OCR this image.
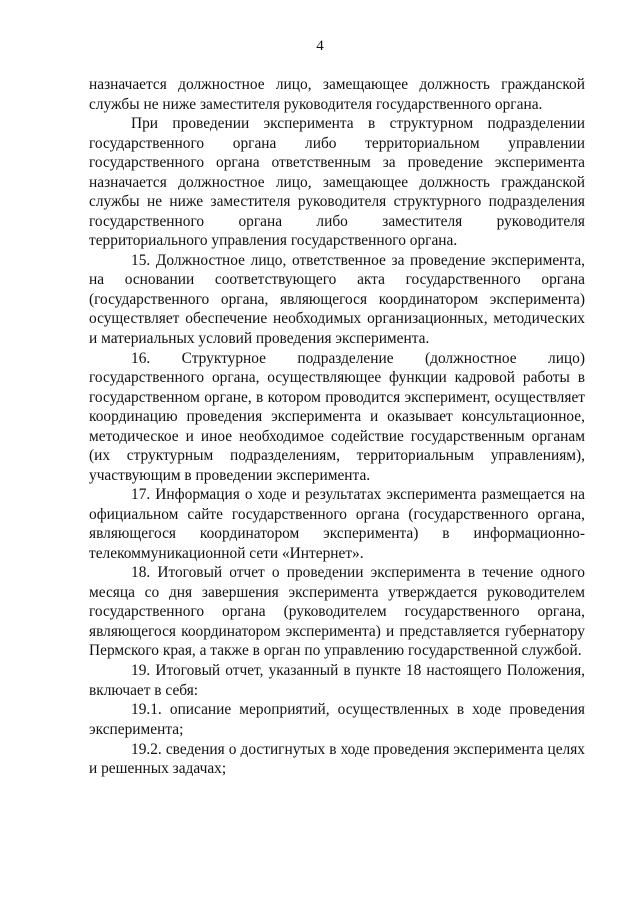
4

назначается должностное лицо, замещающее должность гражданской службы не ниже заместителя руководителя государственного органа.

При проведении эксперимента в структурном подразделении государственного органа либо территориальном управлении государственного органа ответственным за проведение эксперимента назначается должностное лицо, замещающее должность гражданской службы не ниже заместителя руководителя структурного подразделения государственного органа либо заместителя руководителя территориального управления государственного органа.

15. Должностное лицо, ответственное за проведение эксперимента, на основании соответствующего акта государственного органа (государственного органа, являющегося координатором эксперимента) осуществляет обеспечение необходимых организационных, методических и материальных условий проведения эксперимента.

16. Структурное подразделение (должностное лицо) государственного органа, осуществляющее функции кадровой работы в государственном органе, в котором проводится эксперимент, осуществляет координацию проведения эксперимента и оказывает консультационное, методическое и иное необходимое содействие государственным органам (их структурным подразделениям, территориальным управлениям), участвующим в проведении эксперимента.

17. Информация о ходе и результатах эксперимента размещается на официальном сайте государственного органа (государственного органа, являющегося координатором эксперимента) в информационно-телекоммуникационной сети «Интернет».

18. Итоговый отчет о проведении эксперимента в течение одного месяца со дня завершения эксперимента утверждается руководителем государственного органа (руководителем государственного органа, являющегося координатором эксперимента) и представляется губернатору Пермского края, а также в орган по управлению государственной службой.

19. Итоговый отчет, указанный в пункте 18 настоящего Положения, включает в себя:

19.1. описание мероприятий, осуществленных в ходе проведения эксперимента;

19.2. сведения о достигнутых в ходе проведения эксперимента целях и решенных задачах;
